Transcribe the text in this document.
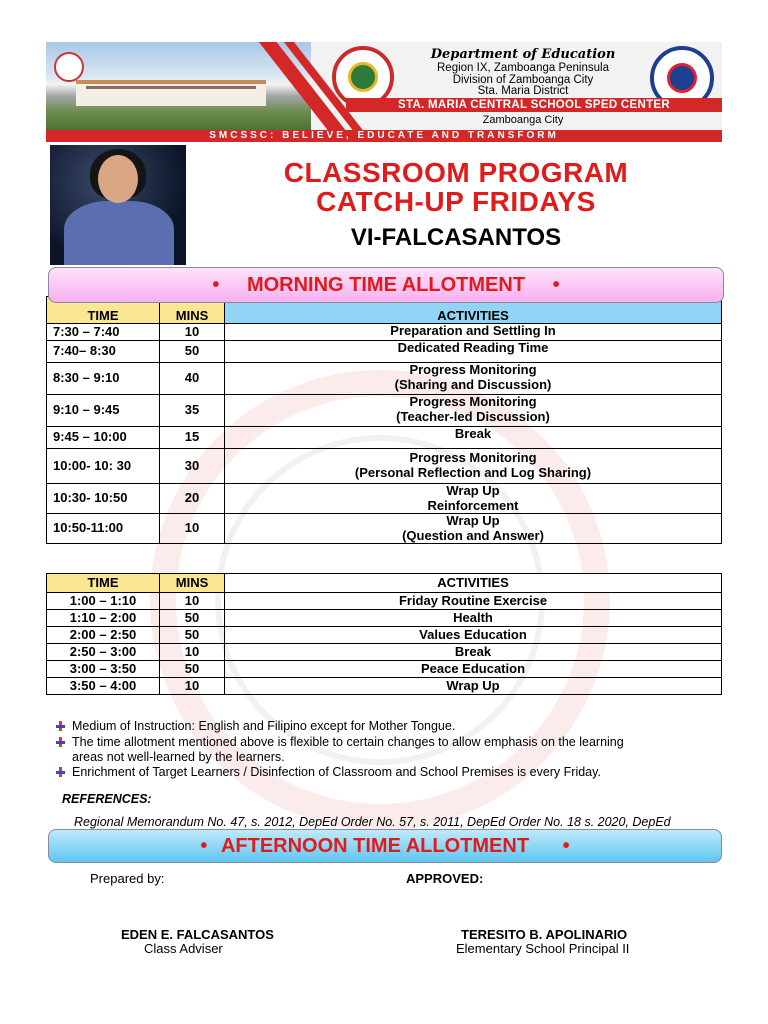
Department of Education
Region IX, Zamboanga Peninsula
Division of Zamboanga City
Sta. Maria District
STA. MARIA CENTRAL SCHOOL SPED CENTER
Zamboanga City
SMCSSC: BELIEVE, EDUCATE AND TRANSFORM
CLASSROOM PROGRAM
CATCH-UP FRIDAYS
VI-FALCASANTOS
TIME	MINS	ACTIVITIES
7:30 – 7:40	10	Preparation and Settling In

7:40– 8:30	50	Dedicated Reading Time

8:30 – 9:10	40	Progress Monitoring
(Sharing and Discussion)

9:10 – 9:45	35	Progress Monitoring
(Teacher-led Discussion)

9:45 – 10:00	15	Break

10:00- 10: 30	30	Progress Monitoring
(Personal Reflection and Log Sharing)

10:30- 10:50	20	Wrap Up
Reinforcement

10:50-11:00	10	Wrap Up
(Question and Answer)
• MORNING TIME ALLOTMENT •
TIME	MINS	ACTIVITIES
1:00 – 1:10	10	Friday Routine Exercise
1:10 – 2:00	50	Health
2:00 – 2:50	50	Values Education
2:50 – 3:00	10	Break
3:00 – 3:50	50	Peace Education
3:50 – 4:00	10	Wrap Up
Medium of Instruction: English and Filipino except for Mother Tongue.
The time allotment mentioned above is flexible to certain changes to allow emphasis on the learning
areas not well-learned by the learners.
Enrichment of Target Learners / Disinfection of Classroom and School Premises is every Friday.
REFERENCES:
Regional Memorandum No. 47, s. 2012, DepEd Order No. 57, s. 2011, DepEd Order No. 18 s. 2020, DepEd
• AFTERNOON TIME ALLOTMENT •
Prepared by:	APPROVED:
EDEN E. FALCASANTOS
Class Adviser
TERESITO B. APOLINARIO
Elementary School Principal II
